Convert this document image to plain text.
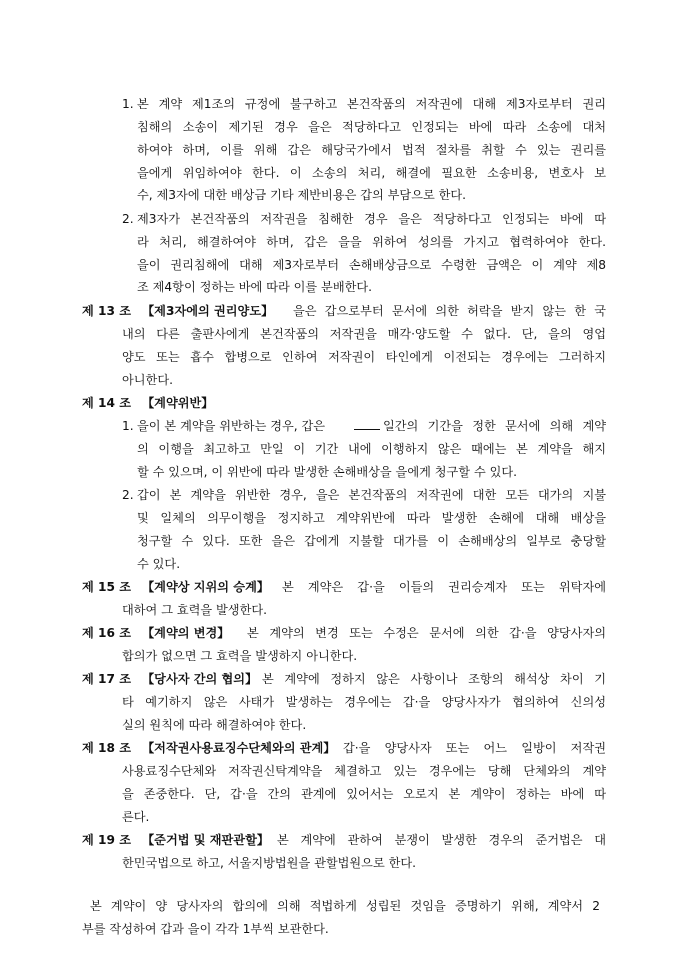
1. 본 계약 제1조의 규정에 불구하고 본건작품의 저작권에 대해 제3자로부터 권리
침해의 소송이 제기된 경우 을은 적당하다고 인정되는 바에 따라 소송에 대처
하여야 하며, 이를 위해 갑은 해당국가에서 법적 절차를 취할 수 있는 권리를
을에게 위임하여야 한다. 이 소송의 처리, 해결에 필요한 소송비용, 변호사 보
수, 제3자에 대한 배상금 기타 제반비용은 갑의 부담으로 한다.
2. 제3자가 본건작품의 저작권을 침해한 경우 을은 적당하다고 인정되는 바에 따
라 처리, 해결하여야 하며, 갑은 을을 위하여 성의를 가지고 협력하여야 한다.
을이 권리침해에 대해 제3자로부터 손해배상금으로 수령한 금액은 이 계약 제8
조 제4항이 정하는 바에 따라 이를 분배한다.
제 13 조 【제3자에의 권리양도】 을은 갑으로부터 문서에 의한 허락을 받지 않는 한 국
내의 다른 출판사에게 본건작품의 저작권을 매각·양도할 수 없다. 단, 을의 영업
양도 또는 흡수 합병으로 인하여 저작권이 타인에게 이전되는 경우에는 그러하지
아니한다.
제 14 조 【계약위반】
1. 을이 본 계약을 위반하는 경우, 갑은	일간의 기간을 정한 문서에 의해 계약
의 이행을 최고하고 만일 이 기간 내에 이행하지 않은 때에는 본 계약을 해지
할 수 있으며, 이 위반에 따라 발생한 손해배상을 을에게 청구할 수 있다.
2. 갑이 본 계약을 위반한 경우, 을은 본건작품의 저작권에 대한 모든 대가의 지불
및 일체의 의무이행을 정지하고 계약위반에 따라 발생한 손해에 대해 배상을
청구할 수 있다. 또한 을은 갑에게 지불할 대가를 이 손해배상의 일부로 충당할
수 있다.
제 15 조 【계약상 지위의 승계】 본 계약은 갑·을 이들의 권리승계자 또는 위탁자에
대하여 그 효력을 발생한다.
제 16 조 【계약의 변경】 본 계약의 변경 또는 수정은 문서에 의한 갑·을 양당사자의
합의가 없으면 그 효력을 발생하지 아니한다.
제 17 조 【당사자 간의 협의】 본 계약에 정하지 않은 사항이나 조항의 해석상 차이 기
타 예기하지 않은 사태가 발생하는 경우에는 갑·을 양당사자가 협의하여 신의성
실의 원칙에 따라 해결하여야 한다.
제 18 조 【저작권사용료징수단체와의 관계】 갑·을 양당사자 또는 어느 일방이 저작권
사용료징수단체와 저작권신탁계약을 체결하고 있는 경우에는 당해 단체와의 계약
을 존중한다. 단, 갑·을 간의 관계에 있어서는 오로지 본 계약이 정하는 바에 따
른다.
제 19 조 【준거법 및 재판관할】 본 계약에 관하여 분쟁이 발생한 경우의 준거법은 대
한민국법으로 하고, 서울지방법원을 관할법원으로 한다.
본 계약이 양 당사자의 합의에 의해 적법하게 성립된 것임을 증명하기 위해, 계약서 2
부를 작성하여 갑과 을이 각각 1부씩 보관한다.
